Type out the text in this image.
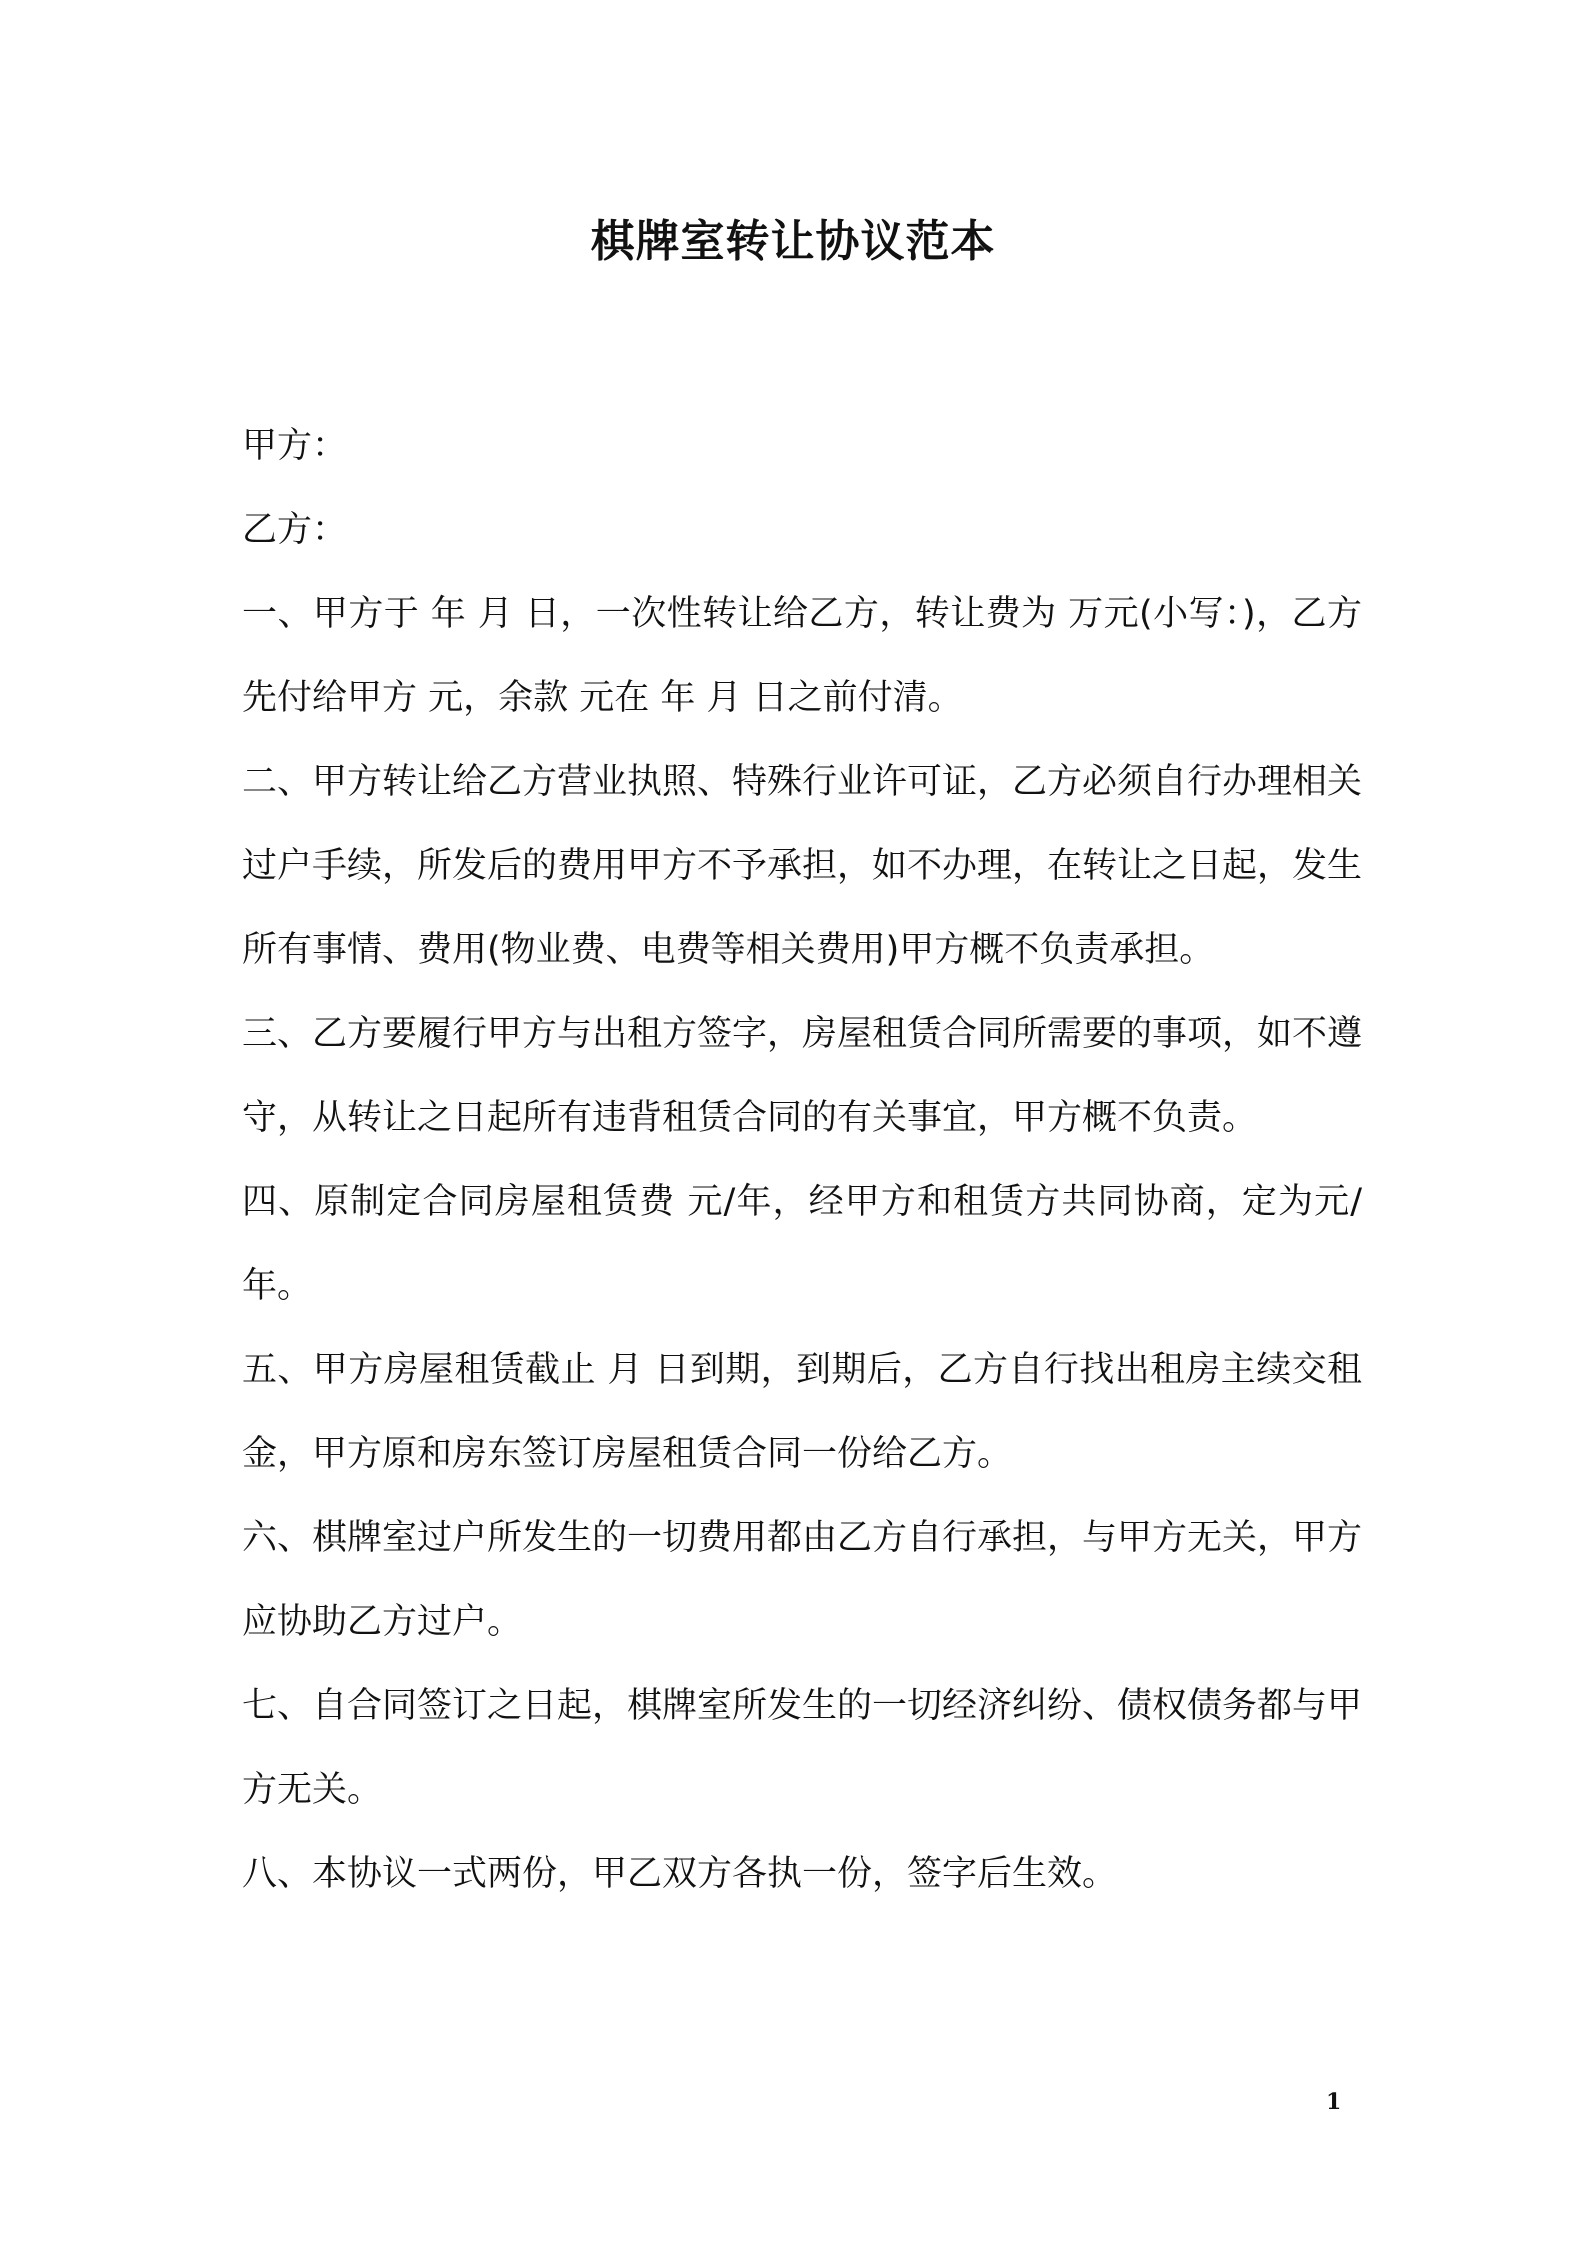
棋牌室转让协议范本

甲方：

乙方：

一、甲方于 年 月 日，一次性转让给乙方，转让费为 万元(小写：)，乙方先付给甲方 元，余款 元在 年 月 日之前付清。

二、甲方转让给乙方营业执照、特殊行业许可证，乙方必须自行办理相关过户手续，所发后的费用甲方不予承担，如不办理，在转让之日起，发生所有事情、费用(物业费、电费等相关费用)甲方概不负责承担。

三、乙方要履行甲方与出租方签字，房屋租赁合同所需要的事项，如不遵守，从转让之日起所有违背租赁合同的有关事宜，甲方概不负责。

四、原制定合同房屋租赁费 元/年，经甲方和租赁方共同协商，定为元/年。

五、甲方房屋租赁截止 月 日到期，到期后，乙方自行找出租房主续交租金，甲方原和房东签订房屋租赁合同一份给乙方。

六、棋牌室过户所发生的一切费用都由乙方自行承担，与甲方无关，甲方应协助乙方过户。

七、自合同签订之日起，棋牌室所发生的一切经济纠纷、债权债务都与甲方无关。

八、本协议一式两份，甲乙双方各执一份，签字后生效。

1
